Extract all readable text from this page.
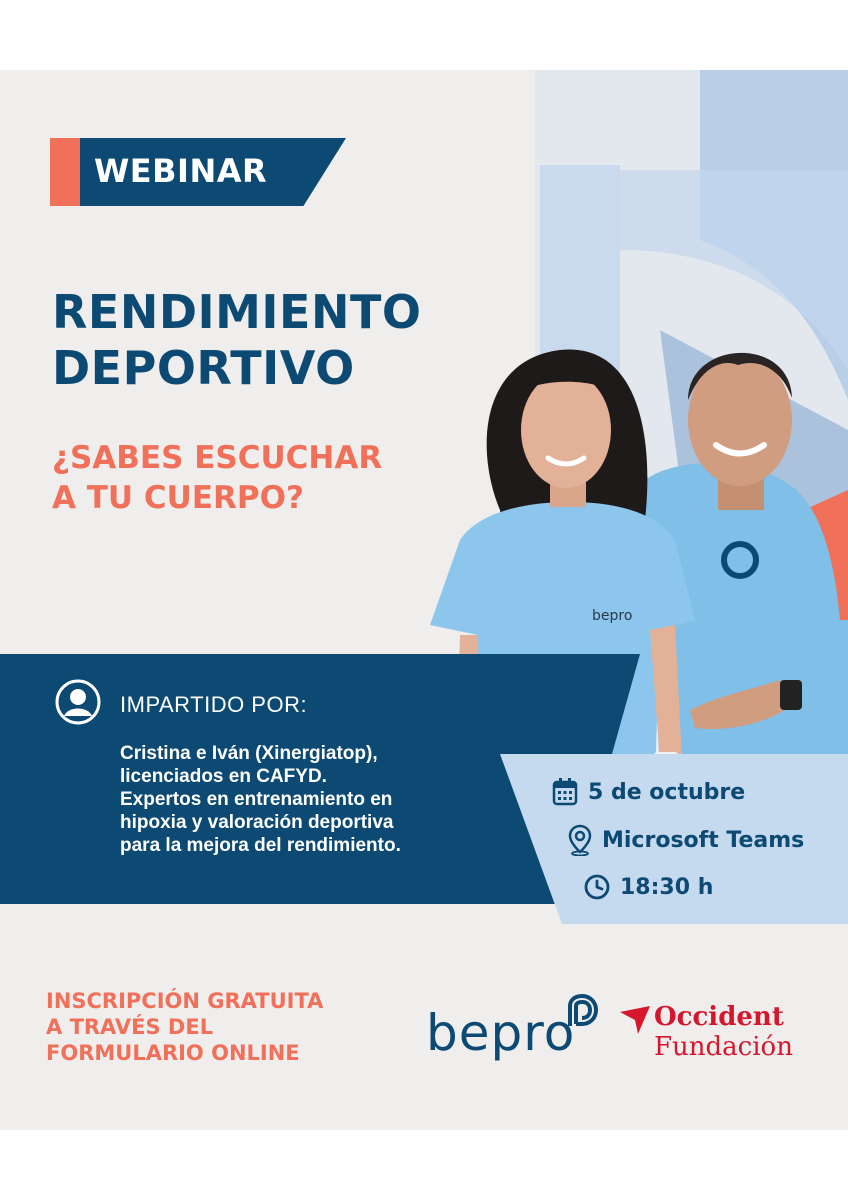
WEBINAR
RENDIMIENTO
DEPORTIVO
¿SABES ESCUCHAR
A TU CUERPO?
bepro
IMPARTIDO POR:
Cristina e Iván (Xinergiatop),
licenciados en CAFYD.
Expertos en entrenamiento en
hipoxia y valoración deportiva
para la mejora del rendimiento.
5 de octubre
Microsoft Teams
18:30 h
INSCRIPCIÓN GRATUITA
A TRAVÉS DEL
FORMULARIO ONLINE	bepro	Occident
Fundación
